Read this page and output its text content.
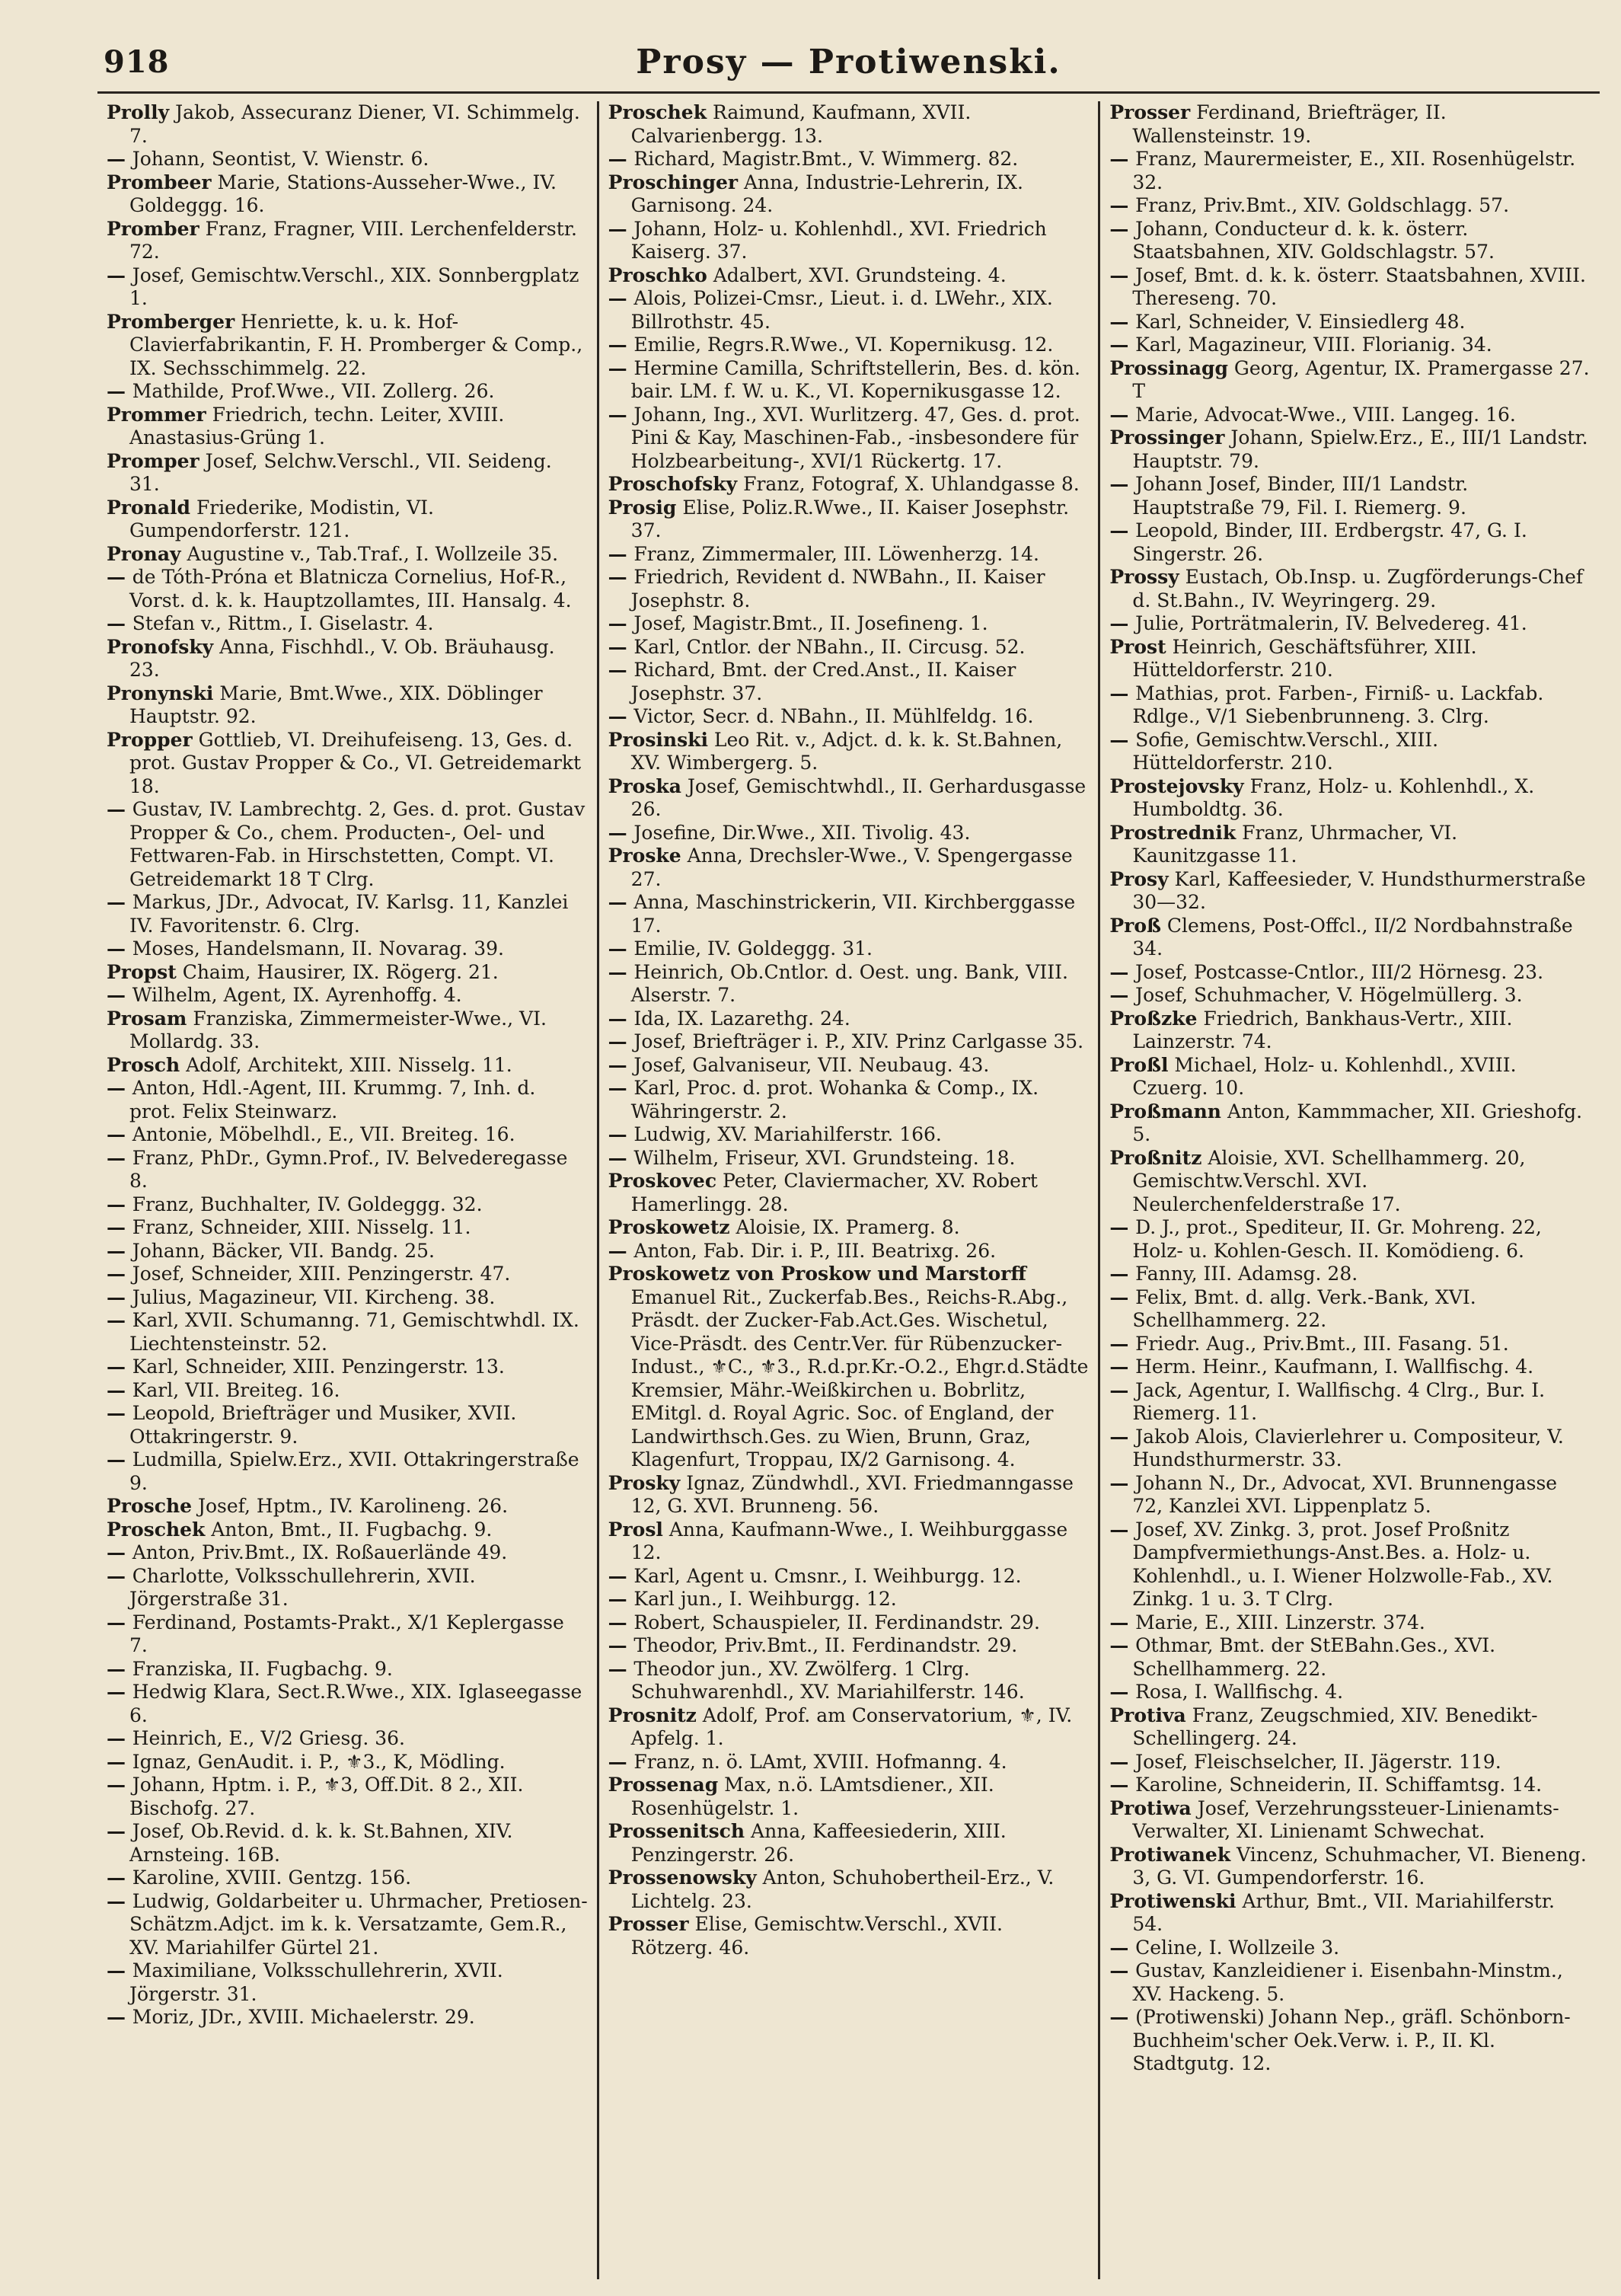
918	Prosy — Protiwenski.

Prolly Jakob, Assecuranz Diener, VI. Schimmelg. 7.

— Johann, Seontist, V. Wienstr. 6.

Prombeer Marie, Stations-Ausseher-Wwe., IV. Goldeggg. 16.

Promber Franz, Fragner, VIII. Lerchenfelderstr. 72.

— Josef, Gemischtw.Verschl., XIX. Sonnbergplatz 1.

Promberger Henriette, k. u. k. Hof-Clavierfabrikantin, F. H. Promberger & Comp., IX. Sechsschimmelg. 22.

— Mathilde, Prof.Wwe., VII. Zollerg. 26.

Prommer Friedrich, techn. Leiter, XVIII. Anastasius-Grüng 1.

Promper Josef, Selchw.Verschl., VII. Seideng. 31.

Pronald Friederike, Modistin, VI. Gumpendorferstr. 121.

Pronay Augustine v., Tab.Traf., I. Wollzeile 35.

— de Tóth-Próna et Blatnicza Cornelius, Hof-R., Vorst. d. k. k. Hauptzollamtes, III. Hansalg. 4.

— Stefan v., Rittm., I. Giselastr. 4.

Pronofsky Anna, Fischhdl., V. Ob. Bräuhausg. 23.

Pronynski Marie, Bmt.Wwe., XIX. Döblinger Hauptstr. 92.

Propper Gottlieb, VI. Dreihufeiseng. 13, Ges. d. prot. Gustav Propper & Co., VI. Getreidemarkt 18.

— Gustav, IV. Lambrechtg. 2, Ges. d. prot. Gustav Propper & Co., chem. Producten-, Oel- und Fettwaren-Fab. in Hirschstetten, Compt. VI. Getreidemarkt 18 T Clrg.

— Markus, JDr., Advocat, IV. Karlsg. 11, Kanzlei IV. Favoritenstr. 6. Clrg.

— Moses, Handelsmann, II. Novarag. 39.

Propst Chaim, Hausirer, IX. Rögerg. 21.

— Wilhelm, Agent, IX. Ayrenhoffg. 4.

Prosam Franziska, Zimmermeister-Wwe., VI. Mollardg. 33.

Prosch Adolf, Architekt, XIII. Nisselg. 11.

— Anton, Hdl.-Agent, III. Krummg. 7, Inh. d. prot. Felix Steinwarz.

— Antonie, Möbelhdl., E., VII. Breiteg. 16.

— Franz, PhDr., Gymn.Prof., IV. Belvederegasse 8.

— Franz, Buchhalter, IV. Goldeggg. 32.

— Franz, Schneider, XIII. Nisselg. 11.

— Johann, Bäcker, VII. Bandg. 25.

— Josef, Schneider, XIII. Penzingerstr. 47.

— Julius, Magazineur, VII. Kircheng. 38.

— Karl, XVII. Schumanng. 71, Gemischtwhdl. IX. Liechtensteinstr. 52.

— Karl, Schneider, XIII. Penzingerstr. 13.

— Karl, VII. Breiteg. 16.

— Leopold, Briefträger und Musiker, XVII. Ottakringerstr. 9.

— Ludmilla, Spielw.Erz., XVII. Ottakringerstraße 9.

Prosche Josef, Hptm., IV. Karolineng. 26.

Proschek Anton, Bmt., II. Fugbachg. 9.

— Anton, Priv.Bmt., IX. Roßauerlände 49.

— Charlotte, Volksschullehrerin, XVII. Jörgerstraße 31.

— Ferdinand, Postamts-Prakt., X/1 Keplergasse 7.

— Franziska, II. Fugbachg. 9.

— Hedwig Klara, Sect.R.Wwe., XIX. Iglaseegasse 6.

— Heinrich, E., V/2 Griesg. 36.

— Ignaz, GenAudit. i. P., ⚜3., K, Mödling.

— Johann, Hptm. i. P., ⚜3, Off.Dit. 8 2., XII. Bischofg. 27.

— Josef, Ob.Revid. d. k. k. St.Bahnen, XIV. Arnsteing. 16B.

— Karoline, XVIII. Gentzg. 156.

— Ludwig, Goldarbeiter u. Uhrmacher, Pretiosen-Schätzm.Adjct. im k. k. Versatzamte, Gem.R., XV. Mariahilfer Gürtel 21.

— Maximiliane, Volksschullehrerin, XVII. Jörgerstr. 31.

— Moriz, JDr., XVIII. Michaelerstr. 29.

Proschek Raimund, Kaufmann, XVII. Calvarienbergg. 13.

— Richard, Magistr.Bmt., V. Wimmerg. 82.

Proschinger Anna, Industrie-Lehrerin, IX. Garnisong. 24.

— Johann, Holz- u. Kohlenhdl., XVI. Friedrich Kaiserg. 37.

Proschko Adalbert, XVI. Grundsteing. 4.

— Alois, Polizei-Cmsr., Lieut. i. d. LWehr., XIX. Billrothstr. 45.

— Emilie, Regrs.R.Wwe., VI. Kopernikusg. 12.

— Hermine Camilla, Schriftstellerin, Bes. d. kön. bair. LM. f. W. u. K., VI. Kopernikusgasse 12.

— Johann, Ing., XVI. Wurlitzerg. 47, Ges. d. prot. Pini & Kay, Maschinen-Fab., -insbesondere für Holzbearbeitung-, XVI/1 Rückertg. 17.

Proschofsky Franz, Fotograf, X. Uhlandgasse 8.

Prosig Elise, Poliz.R.Wwe., II. Kaiser Josephstr. 37.

— Franz, Zimmermaler, III. Löwenherzg. 14.

— Friedrich, Revident d. NWBahn., II. Kaiser Josephstr. 8.

— Josef, Magistr.Bmt., II. Josefineng. 1.

— Karl, Cntlor. der NBahn., II. Circusg. 52.

— Richard, Bmt. der Cred.Anst., II. Kaiser Josephstr. 37.

— Victor, Secr. d. NBahn., II. Mühlfeldg. 16.

Prosinski Leo Rit. v., Adjct. d. k. k. St.Bahnen, XV. Wimbergerg. 5.

Proska Josef, Gemischtwhdl., II. Gerhardusgasse 26.

— Josefine, Dir.Wwe., XII. Tivolig. 43.

Proske Anna, Drechsler-Wwe., V. Spengergasse 27.

— Anna, Maschinstrickerin, VII. Kirchberggasse 17.

— Emilie, IV. Goldeggg. 31.

— Heinrich, Ob.Cntlor. d. Oest. ung. Bank, VIII. Alserstr. 7.

— Ida, IX. Lazarethg. 24.

— Josef, Briefträger i. P., XIV. Prinz Carlgasse 35.

— Josef, Galvaniseur, VII. Neubaug. 43.

— Karl, Proc. d. prot. Wohanka & Comp., IX. Währingerstr. 2.

— Ludwig, XV. Mariahilferstr. 166.

— Wilhelm, Friseur, XVI. Grundsteing. 18.

Proskovec Peter, Claviermacher, XV. Robert Hamerlingg. 28.

Proskowetz Aloisie, IX. Pramerg. 8.

— Anton, Fab. Dir. i. P., III. Beatrixg. 26.

Proskowetz von Proskow und Marstorff Emanuel Rit., Zuckerfab.Bes., Reichs-R.Abg., Präsdt. der Zucker-Fab.Act.Ges. Wischetul, Vice-Präsdt. des Centr.Ver. für Rübenzucker-Indust., ⚜C., ⚜3., R.d.pr.Kr.-O.2., Ehgr.d.Städte Kremsier, Mähr.-Weißkirchen u. Bobrlitz, EMitgl. d. Royal Agric. Soc. of England, der Landwirthsch.Ges. zu Wien, Brunn, Graz, Klagenfurt, Troppau, IX/2 Garnisong. 4.

Prosky Ignaz, Zündwhdl., XVI. Friedmanngasse 12, G. XVI. Brunneng. 56.

Prosl Anna, Kaufmann-Wwe., I. Weihburggasse 12.

— Karl, Agent u. Cmsnr., I. Weihburgg. 12.

— Karl jun., I. Weihburgg. 12.

— Robert, Schauspieler, II. Ferdinandstr. 29.

— Theodor, Priv.Bmt., II. Ferdinandstr. 29.

— Theodor jun., XV. Zwölferg. 1 Clrg. Schuhwarenhdl., XV. Mariahilferstr. 146.

Prosnitz Adolf, Prof. am Conservatorium, ⚜, IV. Apfelg. 1.

— Franz, n. ö. LAmt, XVIII. Hofmanng. 4.

Prossenag Max, n.ö. LAmtsdiener., XII. Rosenhügelstr. 1.

Prossenitsch Anna, Kaffeesiederin, XIII. Penzingerstr. 26.

Prossenowsky Anton, Schuhobertheil-Erz., V. Lichtelg. 23.

Prosser Elise, Gemischtw.Verschl., XVII. Rötzerg. 46.

Prosser Ferdinand, Briefträger, II. Wallensteinstr. 19.

— Franz, Maurermeister, E., XII. Rosenhügelstr. 32.

— Franz, Priv.Bmt., XIV. Goldschlagg. 57.

— Johann, Conducteur d. k. k. österr. Staatsbahnen, XIV. Goldschlagstr. 57.

— Josef, Bmt. d. k. k. österr. Staatsbahnen, XVIII. Thereseng. 70.

— Karl, Schneider, V. Einsiedlerg 48.

— Karl, Magazineur, VIII. Florianig. 34.

Prossinagg Georg, Agentur, IX. Pramergasse 27. T

— Marie, Advocat-Wwe., VIII. Langeg. 16.

Prossinger Johann, Spielw.Erz., E., III/1 Landstr. Hauptstr. 79.

— Johann Josef, Binder, III/1 Landstr. Hauptstraße 79, Fil. I. Riemerg. 9.

— Leopold, Binder, III. Erdbergstr. 47, G. I. Singerstr. 26.

Prossy Eustach, Ob.Insp. u. Zugförderungs-Chef d. St.Bahn., IV. Weyringerg. 29.

— Julie, Porträtmalerin, IV. Belvedereg. 41.

Prost Heinrich, Geschäftsführer, XIII. Hütteldorferstr. 210.

— Mathias, prot. Farben-, Firniß- u. Lackfab. Rdlge., V/1 Siebenbrunneng. 3. Clrg.

— Sofie, Gemischtw.Verschl., XIII. Hütteldorferstr. 210.

Prostejovsky Franz, Holz- u. Kohlenhdl., X. Humboldtg. 36.

Prostrednik Franz, Uhrmacher, VI. Kaunitzgasse 11.

Prosy Karl, Kaffeesieder, V. Hundsthurmerstraße 30—32.

Proß Clemens, Post-Offcl., II/2 Nordbahnstraße 34.

— Josef, Postcasse-Cntlor., III/2 Hörnesg. 23.

— Josef, Schuhmacher, V. Högelmüllerg. 3.

Proßzke Friedrich, Bankhaus-Vertr., XIII. Lainzerstr. 74.

Proßl Michael, Holz- u. Kohlenhdl., XVIII. Czuerg. 10.

Proßmann Anton, Kammmacher, XII. Grieshofg. 5.

Proßnitz Aloisie, XVI. Schellhammerg. 20, Gemischtw.Verschl. XVI. Neulerchenfelderstraße 17.

— D. J., prot., Spediteur, II. Gr. Mohreng. 22, Holz- u. Kohlen-Gesch. II. Komödieng. 6.

— Fanny, III. Adamsg. 28.

— Felix, Bmt. d. allg. Verk.-Bank, XVI. Schellhammerg. 22.

— Friedr. Aug., Priv.Bmt., III. Fasang. 51.

— Herm. Heinr., Kaufmann, I. Wallfischg. 4.

— Jack, Agentur, I. Wallfischg. 4 Clrg., Bur. I. Riemerg. 11.

— Jakob Alois, Clavierlehrer u. Compositeur, V. Hundsthurmerstr. 33.

— Johann N., Dr., Advocat, XVI. Brunnengasse 72, Kanzlei XVI. Lippenplatz 5.

— Josef, XV. Zinkg. 3, prot. Josef Proßnitz Dampfvermiethungs-Anst.Bes. a. Holz- u. Kohlenhdl., u. I. Wiener Holzwolle-Fab., XV. Zinkg. 1 u. 3. T Clrg.

— Marie, E., XIII. Linzerstr. 374.

— Othmar, Bmt. der StEBahn.Ges., XVI. Schellhammerg. 22.

— Rosa, I. Wallfischg. 4.

Protiva Franz, Zeugschmied, XIV. Benedikt-Schellingerg. 24.

— Josef, Fleischselcher, II. Jägerstr. 119.

— Karoline, Schneiderin, II. Schiffamtsg. 14.

Protiwa Josef, Verzehrungssteuer-Linienamts-Verwalter, XI. Linienamt Schwechat.

Protiwanek Vincenz, Schuhmacher, VI. Bieneng. 3, G. VI. Gumpendorferstr. 16.

Protiwenski Arthur, Bmt., VII. Mariahilferstr. 54.

— Celine, I. Wollzeile 3.

— Gustav, Kanzleidiener i. Eisenbahn-Minstm., XV. Hackeng. 5.

— (Protiwenski) Johann Nep., gräfl. Schönborn-Buchheim'scher Oek.Verw. i. P., II. Kl. Stadtgutg. 12.
